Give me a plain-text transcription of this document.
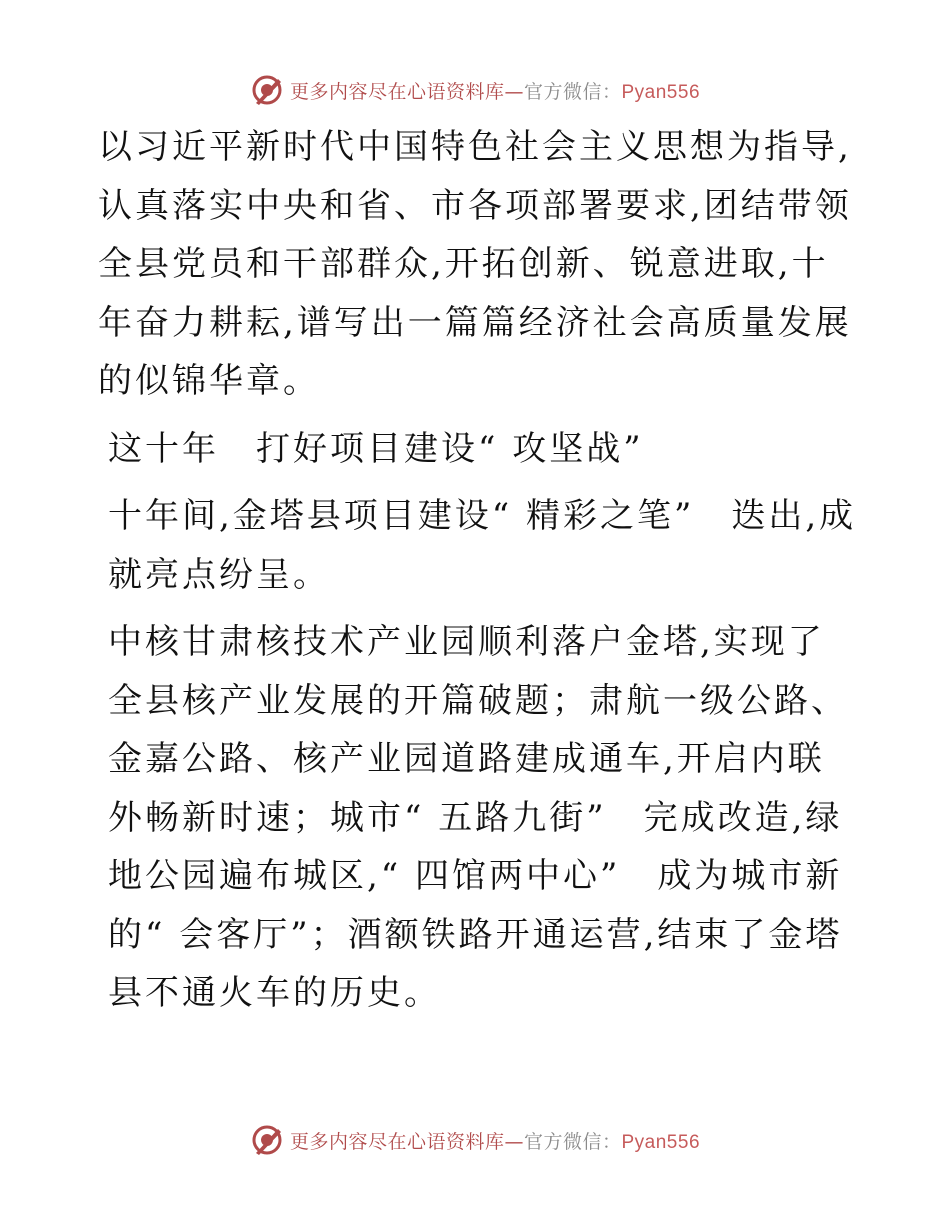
更多内容尽在心语资料库—官方微信：Pyan556

以习近平新时代中国特色社会主义思想为指导,认真落实中央和省、市各项部署要求,团结带领全县党员和干部群众,开拓创新、锐意进取,十年奋力耕耘,谱写出一篇篇经济社会高质量发展的似锦华章。

这十年　打好项目建设“ 攻坚战”

十年间,金塔县项目建设“ 精彩之笔”　迭出,成就亮点纷呈。

中核甘肃核技术产业园顺利落户金塔,实现了全县核产业发展的开篇破题；肃航一级公路、金嘉公路、核产业园道路建成通车,开启内联外畅新时速；城市“ 五路九街”　完成改造,绿地公园遍布城区,“ 四馆两中心”　成为城市新的“ 会客厅”；酒额铁路开通运营,结束了金塔县不通火车的历史。

更多内容尽在心语资料库—官方微信：Pyan556
